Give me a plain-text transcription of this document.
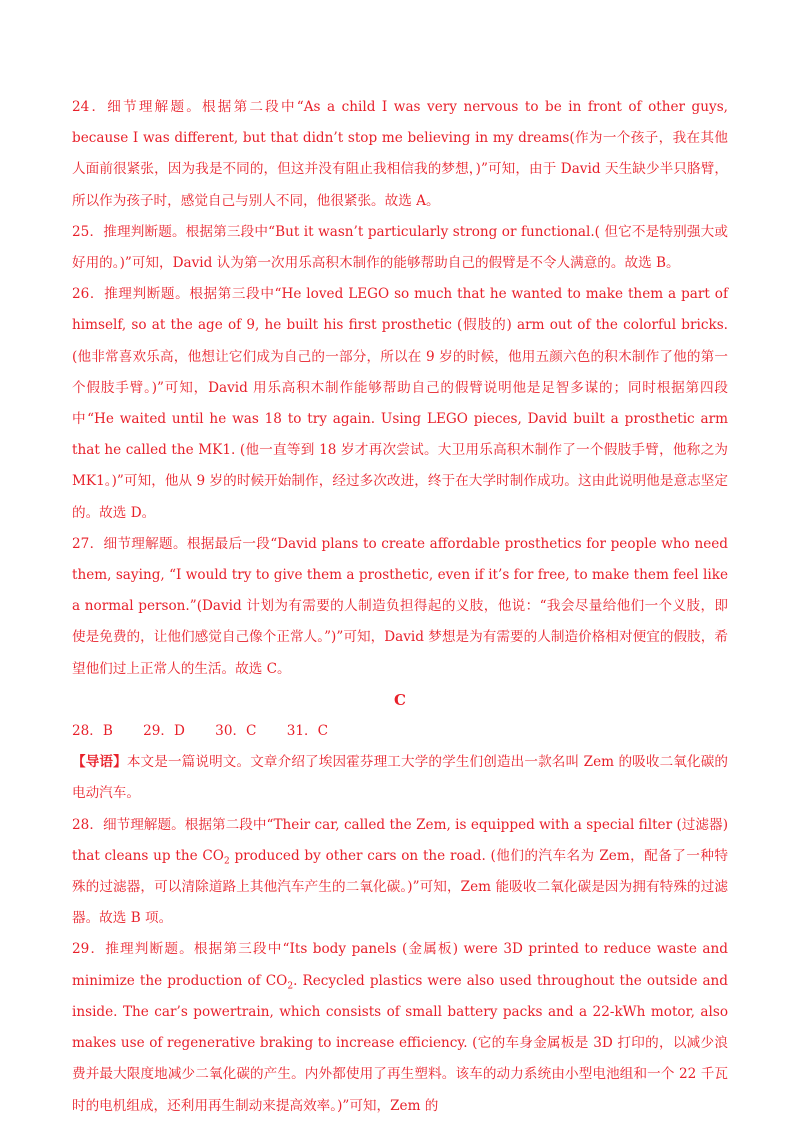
24．细节理解题。根据第二段中“As a child I was very nervous to be in front of other guys, because I was different, but that didn’t stop me believing in my dreams(作为一个孩子，我在其他人面前很紧张，因为我是不同的，但这并没有阻止我相信我的梦想，)”可知，由于 David 天生缺少半只胳臂，所以作为孩子时，感觉自己与别人不同，他很紧张。故选 A。

25．推理判断题。根据第三段中“But it wasn’t particularly strong or functional.( 但它不是特别强大或好用的。)”可知，David 认为第一次用乐高积木制作的能够帮助自己的假臂是不令人满意的。故选 B。

26．推理判断题。根据第三段中“He loved LEGO so much that he wanted to make them a part of himself, so at the age of 9, he built his first prosthetic (假肢的) arm out of the colorful bricks. (他非常喜欢乐高，他想让它们成为自己的一部分，所以在 9 岁的时候，他用五颜六色的积木制作了他的第一个假肢手臂。)”可知，David 用乐高积木制作能够帮助自己的假臂说明他是足智多谋的；同时根据第四段中“He waited until he was 18 to try again. Using LEGO pieces, David built a prosthetic arm that he called the MK1. (他一直等到 18 岁才再次尝试。大卫用乐高积木制作了一个假肢手臂，他称之为 MK1。)”可知，他从 9 岁的时候开始制作，经过多次改进，终于在大学时制作成功。这由此说明他是意志坚定的。故选 D。

27．细节理解题。根据最后一段“David plans to create affordable prosthetics for people who need them, saying, “I would try to give them a prosthetic, even if it’s for free, to make them feel like a normal person.”(David 计划为有需要的人制造负担得起的义肢，他说：“我会尽量给他们一个义肢，即使是免费的，让他们感觉自己像个正常人。”)”可知，David 梦想是为有需要的人制造价格相对便宜的假肢，希望他们过上正常人的生活。故选 C。

C

28．B       29．D       30．C       31．C

【导语】本文是一篇说明文。文章介绍了埃因霍芬理工大学的学生们创造出一款名叫 Zem 的吸收二氧化碳的电动汽车。

28．细节理解题。根据第二段中“Their car, called the Zem, is equipped with a special filter (过滤器) that cleans up the $CO_2$ produced by other cars on the road. (他们的汽车名为 Zem，配备了一种特殊的过滤器，可以清除道路上其他汽车产生的二氧化碳。)”可知，Zem 能吸收二氧化碳是因为拥有特殊的过滤器。故选 B 项。

29．推理判断题。根据第三段中“Its body panels (金属板) were 3D printed to reduce waste and minimize the production of $CO_2$. Recycled plastics were also used throughout the outside and inside. The car’s powertrain, which consists of small battery packs and a 22-kWh motor, also makes use of regenerative braking to increase efficiency. (它的车身金属板是 3D 打印的，以减少浪费并最大限度地减少二氧化碳的产生。内外都使用了再生塑料。该车的动力系统由小型电池组和一个 22 千瓦时的电机组成，还利用再生制动来提高效率。)”可知，Zem 的
